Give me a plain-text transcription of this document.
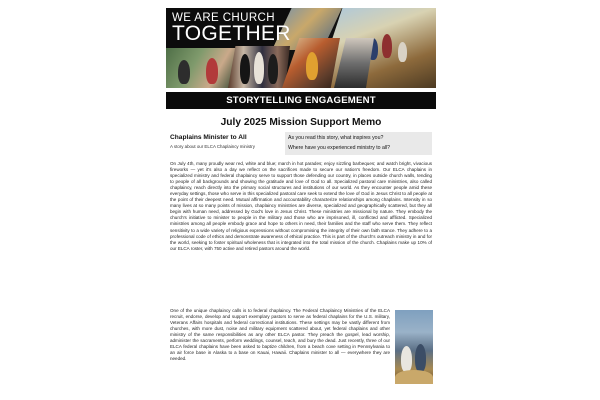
WE ARE CHURCH
TOGETHER
STORYTELLING ENGAGEMENT
July 2025 Mission Support Memo
Chaplains Minister to All
A story about our ELCA Chaplaincy ministry
As you read this story, what inspires you?
Where have you experienced ministry to all?

On July 4th, many proudly wear red, white and blue; march in hot parades; enjoy sizzling barbeques; and watch bright, vivacious fireworks — yet it's also a day we reflect on the sacrifices made to secure our nation's freedom. Our ELCA chaplains in specialized ministry and federal chaplaincy serve to support those defending our country, in places outside church walls, tending to people of all backgrounds and showing the gratitude and love of God to all. Specialized pastoral care ministries, also called chaplaincy, reach directly into the primary social structures and institutions of our world. As they encounter people amid these everyday settings, those who serve in this specialized pastoral care seek to extend the love of God in Jesus Christ to all people at the point of their deepest need. Mutual affirmation and accountability characterize relationships among chaplains. Intensity in so many lives at so many points of mission, chaplaincy ministries are diverse, specialized and geographically scattered, but they all begin with human need, addressed by God's love in Jesus Christ. These ministries are missional by nature. They embody the church's initiative to minister to people in the military and those who are imprisoned, ill, conflicted and afflicted. Specialized ministries among all people embody grace and hope to others in need, their families and the staff who serve them. They reflect sensitivity to a wide variety of religious expressions without compromising the integrity of their own faith stance. They adhere to a professional code of ethics and demonstrate awareness of ethical practice. This is part of the church's outreach ministry in and for the world, seeking to foster spiritual wholeness that is integrated into the total mission of the church. Chaplains make up 10% of our ELCA roster, with 750 active and retired pastors around the world.

One of the unique chaplaincy calls is to federal chaplaincy. The Federal Chaplaincy Ministries of the ELCA recruit, endorse, develop and support exemplary pastors to serve as federal chaplains for the U.S. military, Veterans Affairs hospitals and federal correctional institutions. These settings may be vastly different from churches, with more dust, noise and military equipment scattered about, yet federal chaplains and other ministry of the same responsibilities as any other ELCA pastor. They preach the gospel, lead worship, administer the sacraments, perform weddings, counsel, teach, and bury the dead. Just recently, three of our ELCA federal chaplains have been asked to baptize children, from a beach cove setting in Pennsylvania to an air force base in Alaska to a base on Kauai, Hawaii. Chaplains minister to all — everywhere they are needed.
